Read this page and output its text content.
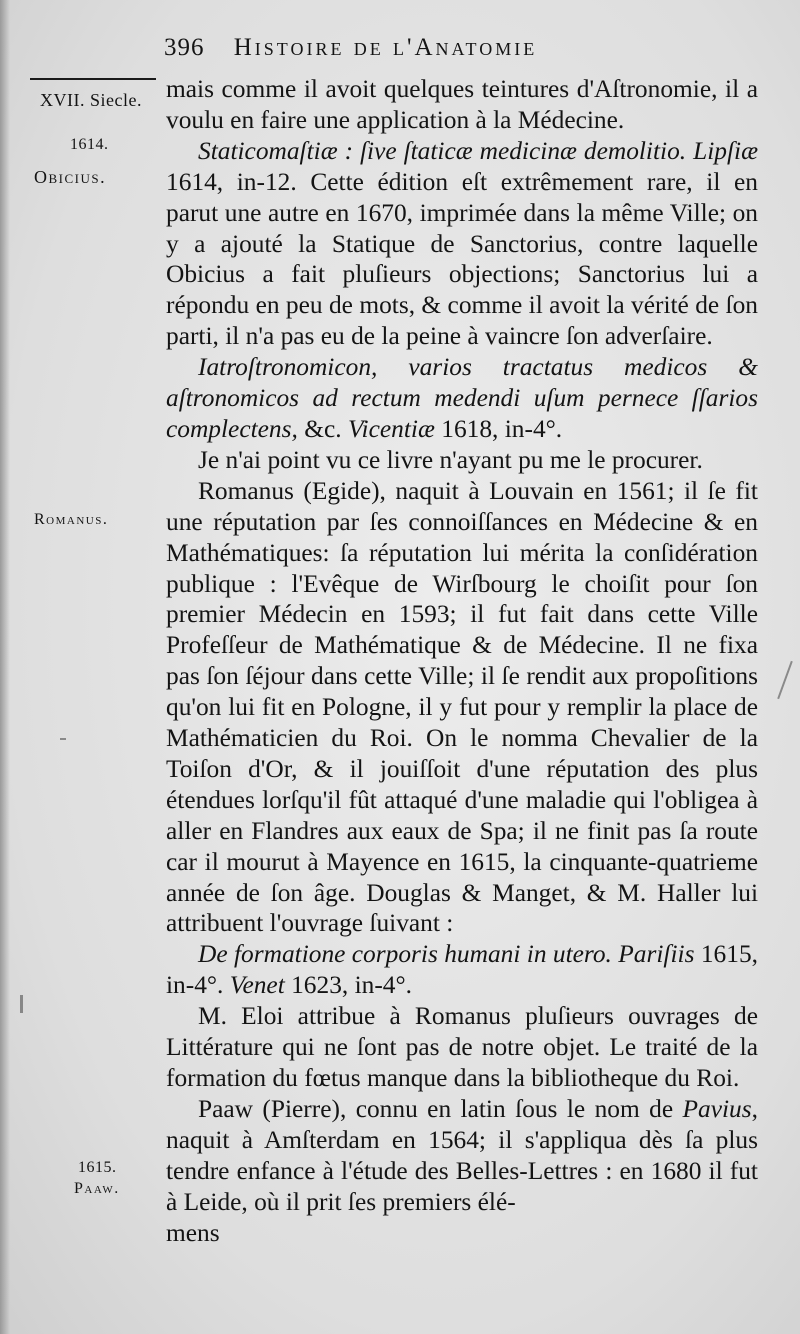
396 Histoire de l'Anatomie
XVII. Siecle.
1614.
Obicius.
Romanus.
1615.
Paaw.

mais comme il avoit quelques teintures d'Aſtronomie, il a voulu en faire une application à la Médecine.

Staticomaſtiæ : ſive ſtaticæ medicinæ demolitio. Lipſiæ 1614, in-12. Cette édition eſt extrêmement rare, il en parut une autre en 1670, imprimée dans la même Ville; on y a ajouté la Statique de Sanctorius, contre laquelle Obicius a fait pluſieurs objections; Sanctorius lui a répondu en peu de mots, & comme il avoit la vérité de ſon parti, il n'a pas eu de la peine à vaincre ſon adverſaire.

Iatroſtronomicon, varios tractatus medicos & aſtronomicos ad rectum medendi uſum pernece ſſarios complectens, &c. Vicentiæ 1618, in-4°.

Je n'ai point vu ce livre n'ayant pu me le procurer.

Romanus (Egide), naquit à Louvain en 1561; il ſe fit une réputation par ſes connoiſſances en Médecine & en Mathématiques: ſa réputation lui mérita la conſidération publique : l'Evêque de Wirſbourg le choiſit pour ſon premier Médecin en 1593; il fut fait dans cette Ville Profeſſeur de Mathématique & de Médecine. Il ne fixa pas ſon ſéjour dans cette Ville; il ſe rendit aux propoſitions qu'on lui fit en Pologne, il y fut pour y remplir la place de Mathématicien du Roi. On le nomma Chevalier de la Toiſon d'Or, & il jouiſſoit d'une réputation des plus étendues lorſqu'il fût attaqué d'une maladie qui l'obligea à aller en Flandres aux eaux de Spa; il ne finit pas ſa route car il mourut à Mayence en 1615, la cinquante-quatrieme année de ſon âge. Douglas & Manget, & M. Haller lui attribuent l'ouvrage ſuivant :

De formatione corporis humani in utero. Pariſiis 1615, in-4°. Venet 1623, in-4°.

M. Eloi attribue à Romanus pluſieurs ouvrages de Littérature qui ne ſont pas de notre objet. Le traité de la formation du fœtus manque dans la bibliotheque du Roi.

Paaw (Pierre), connu en latin ſous le nom de Pavius, naquit à Amſterdam en 1564; il s'appliqua dès ſa plus tendre enfance à l'étude des Belles-Lettres : en 1680 il fut à Leide, où il prit ſes premiers élé-

mens
